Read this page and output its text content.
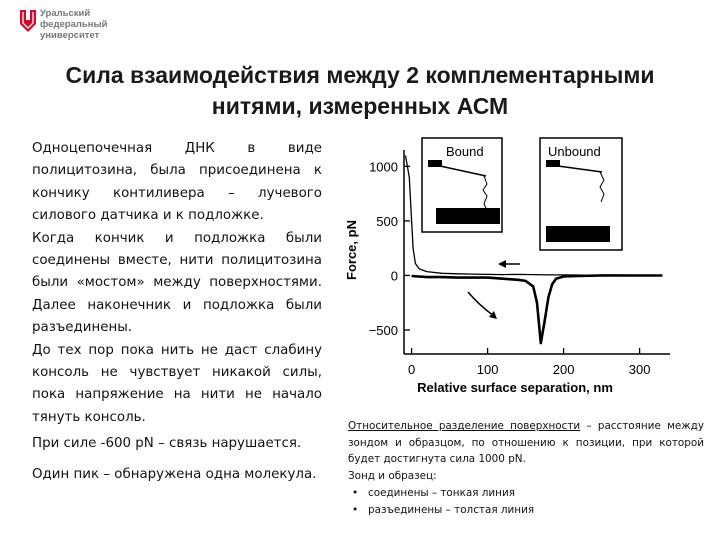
Уральский
федеральный
университет
Сила взаимодействия между 2 комплементарными
нитями, измеренных АСМ

Одноцепочечная ДНК в виде полицитозина, была присоединена к кончику контиливера – лучевого силового датчика и к подложке.

Когда кончик и подложка были соединены вместе, нити полицитозина были «мостом» между поверхностями. Далее наконечник и подложка были разъединены.

До тех пор пока нить не даст слабину консоль не чувствует никакой силы, пока напряжение на нити не начало тянуть консоль.

При силе -600 pN – связь нарушается.

Один пик – обнаружена одна молекула.

1000
500
0
−500
0	100	200	300
Bound	Unbound
Force, pN
Relative surface separation, nm

Относительное разделение поверхности – расстояние между зондом и образцом, по отношению к позиции, при которой будет достигнута сила 1000 pN.

Зонд и образец:

• соединены – тонкая линия
• разъединены – толстая линия
